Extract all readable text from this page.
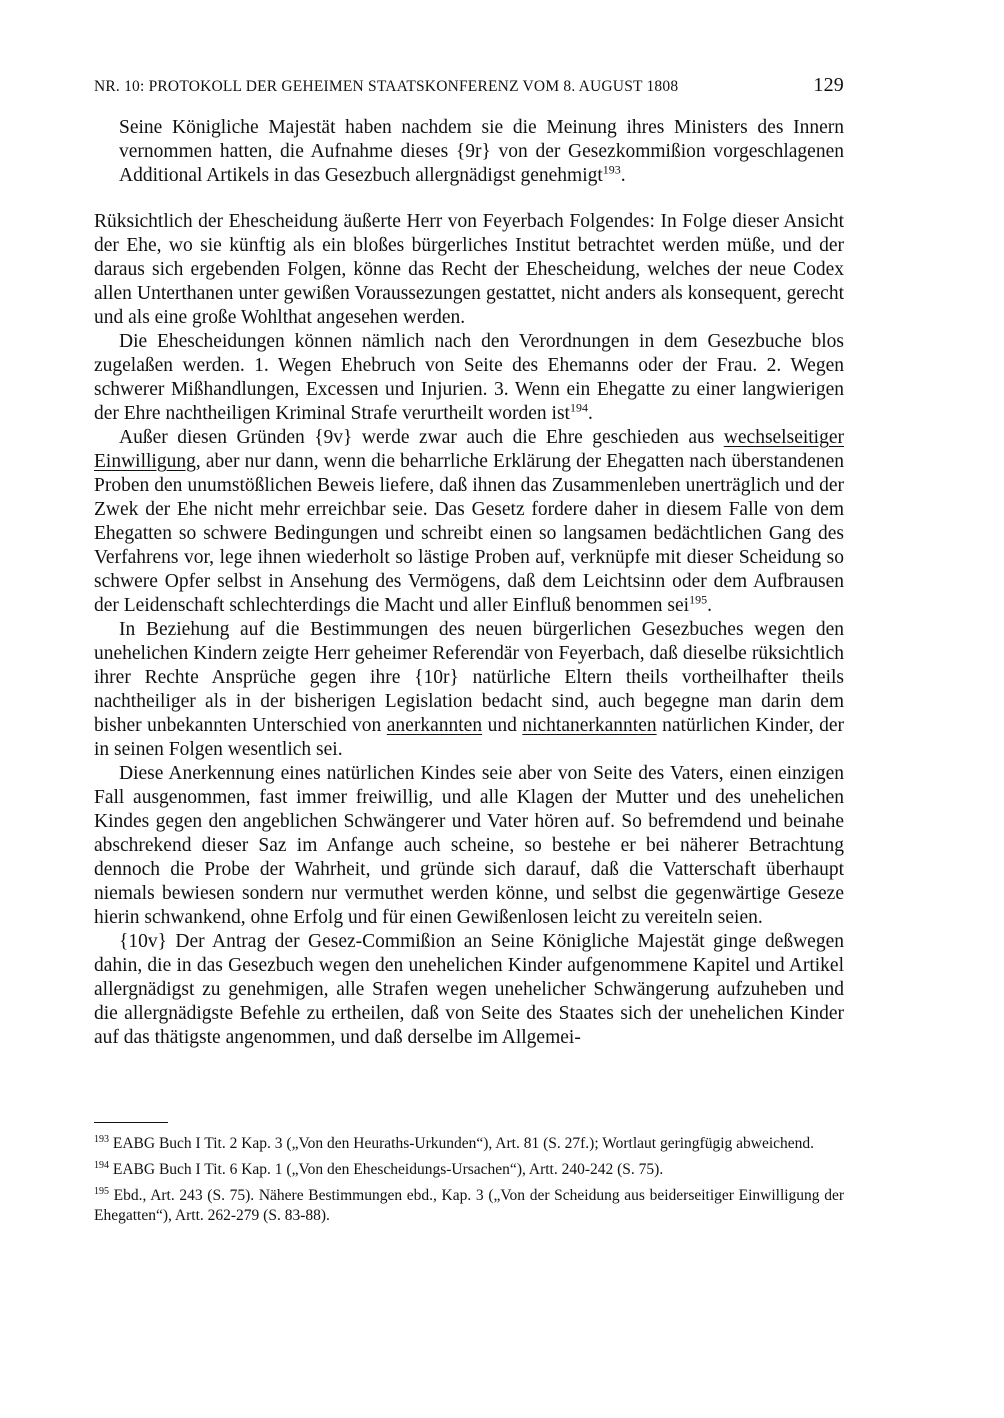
NR. 10: PROTOKOLL DER GEHEIMEN STAATSKONFERENZ VOM 8. AUGUST 1808	129

Seine Königliche Majestät haben nachdem sie die Meinung ihres Ministers des Innern vernommen hatten, die Aufnahme dieses {9r} von der Gesezkommißion vorgeschlagenen Additional Artikels in das Gesezbuch allergnädigst genehmigt$^{193}$.

Rüksichtlich der Ehescheidung äußerte Herr von Feyerbach Folgendes: In Folge dieser Ansicht der Ehe, wo sie künftig als ein bloßes bürgerliches Institut betrachtet werden müße, und der daraus sich ergebenden Folgen, könne das Recht der Ehescheidung, welches der neue Codex allen Unterthanen unter gewißen Voraussezungen gestattet, nicht anders als konsequent, gerecht und als eine große Wohlthat angesehen werden.

Die Ehescheidungen können nämlich nach den Verordnungen in dem Gesezbuche blos zugelaßen werden. 1. Wegen Ehebruch von Seite des Ehemanns oder der Frau. 2. Wegen schwerer Mißhandlungen, Excessen und Injurien. 3. Wenn ein Ehegatte zu einer langwierigen der Ehre nachtheiligen Kriminal Strafe verurtheilt worden ist$^{194}$.

Außer diesen Gründen {9v} werde zwar auch die Ehre geschieden aus wechselseitiger Einwilligung, aber nur dann, wenn die beharrliche Erklärung der Ehegatten nach überstandenen Proben den unumstößlichen Beweis liefere, daß ihnen das Zusammenleben unerträglich und der Zwek der Ehe nicht mehr erreichbar seie. Das Gesetz fordere daher in diesem Falle von dem Ehegatten so schwere Bedingungen und schreibt einen so langsamen bedächtlichen Gang des Verfahrens vor, lege ihnen wiederholt so lästige Proben auf, verknüpfe mit dieser Scheidung so schwere Opfer selbst in Ansehung des Vermögens, daß dem Leichtsinn oder dem Aufbrausen der Leidenschaft schlechterdings die Macht und aller Einfluß benommen sei$^{195}$.

In Beziehung auf die Bestimmungen des neuen bürgerlichen Gesezbuches wegen den unehelichen Kindern zeigte Herr geheimer Referendär von Feyerbach, daß dieselbe rüksichtlich ihrer Rechte Ansprüche gegen ihre {10r} natürliche Eltern theils vortheilhafter theils nachtheiliger als in der bisherigen Legislation bedacht sind, auch begegne man darin dem bisher unbekannten Unterschied von anerkannten und nichtanerkannten natürlichen Kinder, der in seinen Folgen wesentlich sei.

Diese Anerkennung eines natürlichen Kindes seie aber von Seite des Vaters, einen einzigen Fall ausgenommen, fast immer freiwillig, und alle Klagen der Mutter und des unehelichen Kindes gegen den angeblichen Schwängerer und Vater hören auf. So befremdend und beinahe abschrekend dieser Saz im Anfange auch scheine, so bestehe er bei näherer Betrachtung dennoch die Probe der Wahrheit, und gründe sich darauf, daß die Vatterschaft überhaupt niemals bewiesen sondern nur vermuthet werden könne, und selbst die gegenwärtige Geseze hierin schwankend, ohne Erfolg und für einen Gewißenlosen leicht zu vereiteln seien.

{10v} Der Antrag der Gesez-Commißion an Seine Königliche Majestät ginge deßwegen dahin, die in das Gesezbuch wegen den unehelichen Kinder aufgenommene Kapitel und Artikel allergnädigst zu genehmigen, alle Strafen wegen unehelicher Schwängerung aufzuheben und die allergnädigste Befehle zu ertheilen, daß von Seite des Staates sich der unehelichen Kinder auf das thätigste angenommen, und daß derselbe im Allgemei-

$^{193}$ EABG Buch I Tit. 2 Kap. 3 („Von den Heuraths-Urkunden“), Art. 81 (S. 27f.); Wortlaut geringfügig abweichend.

$^{194}$ EABG Buch I Tit. 6 Kap. 1 („Von den Ehescheidungs-Ursachen“), Artt. 240-242 (S. 75).

$^{195}$ Ebd., Art. 243 (S. 75). Nähere Bestimmungen ebd., Kap. 3 („Von der Scheidung aus beiderseitiger Einwilligung der Ehegatten“), Artt. 262-279 (S. 83-88).
